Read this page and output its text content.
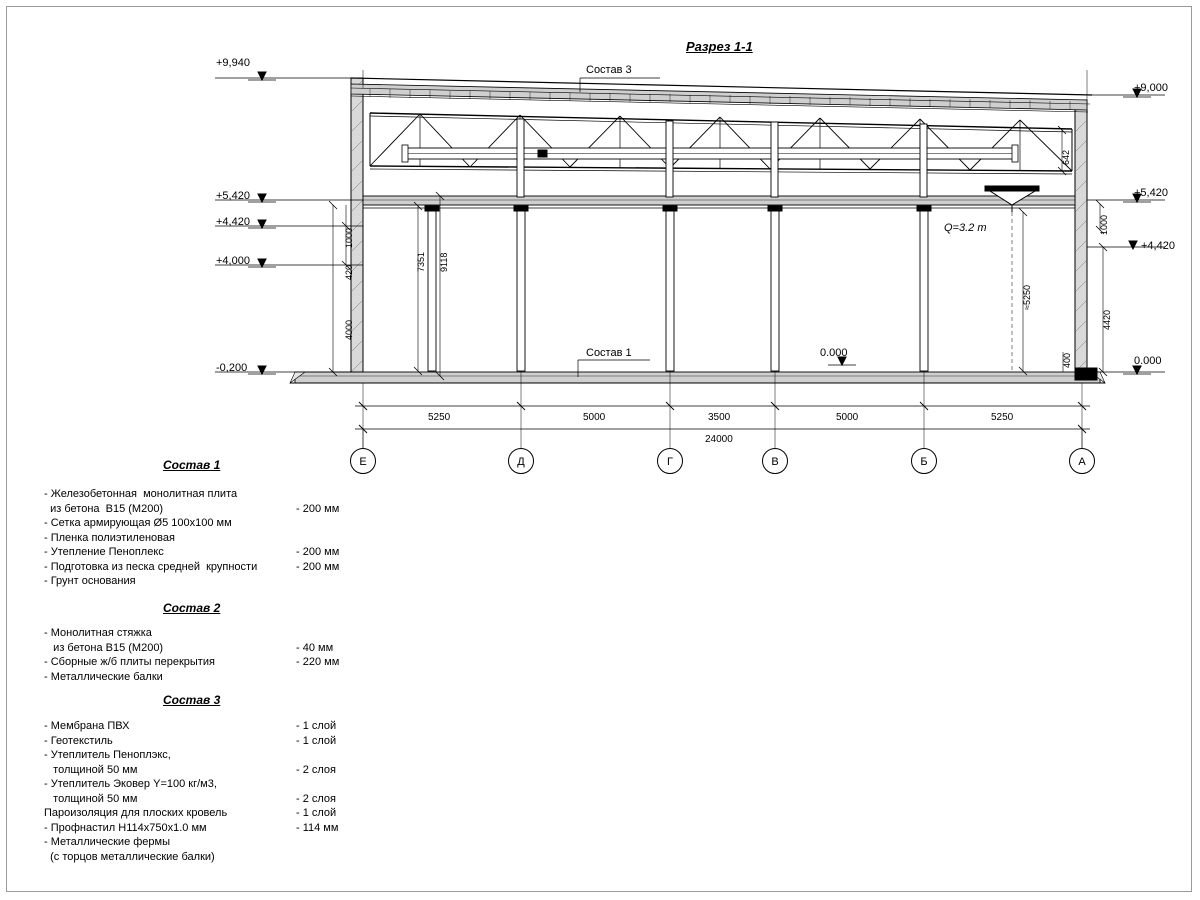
Разрез 1-1
Состав 3
Состав 1
+9,940
+5,420
+4,420
+4,000
-0,200
+9,000
+5,420
+4,420
0.000
0.000
Q=3.2 m
1000
420
4000
7351 9118
642
≈5250
1000
4420
400
5250	5000	3500	5000	5250
24000
Е	Д	Г	В	Б	А
Состав 1
- Железобетонная  монолитная плита
из бетона  B15 (М200)	- 200 мм
- Сетка армирующая Ø5 100х100 мм
- Пленка полиэтиленовая
- Утепление Пеноплекс	- 200 мм
- Подготовка из песка средней  крупности	- 200 мм
- Грунт основания
Состав 2
- Монолитная стяжка
из бетона В15 (М200)	- 40 мм
- Сборные ж/б плиты перекрытия	- 220 мм
- Металлические балки
Состав 3
- Мембрана ПВХ	- 1 слой
- Геотекстиль	- 1 слой
- Утеплитель Пеноплэкс,
толщиной 50 мм	- 2 слоя
- Утеплитель Эковер Y=100 кг/м3,
толщиной 50 мм	- 2 слоя
Пароизоляция для плоских кровель	- 1 слой
- Профнастил Н114х750х1.0 мм	- 114 мм
- Металлические фермы
(с торцов металлические балки)
